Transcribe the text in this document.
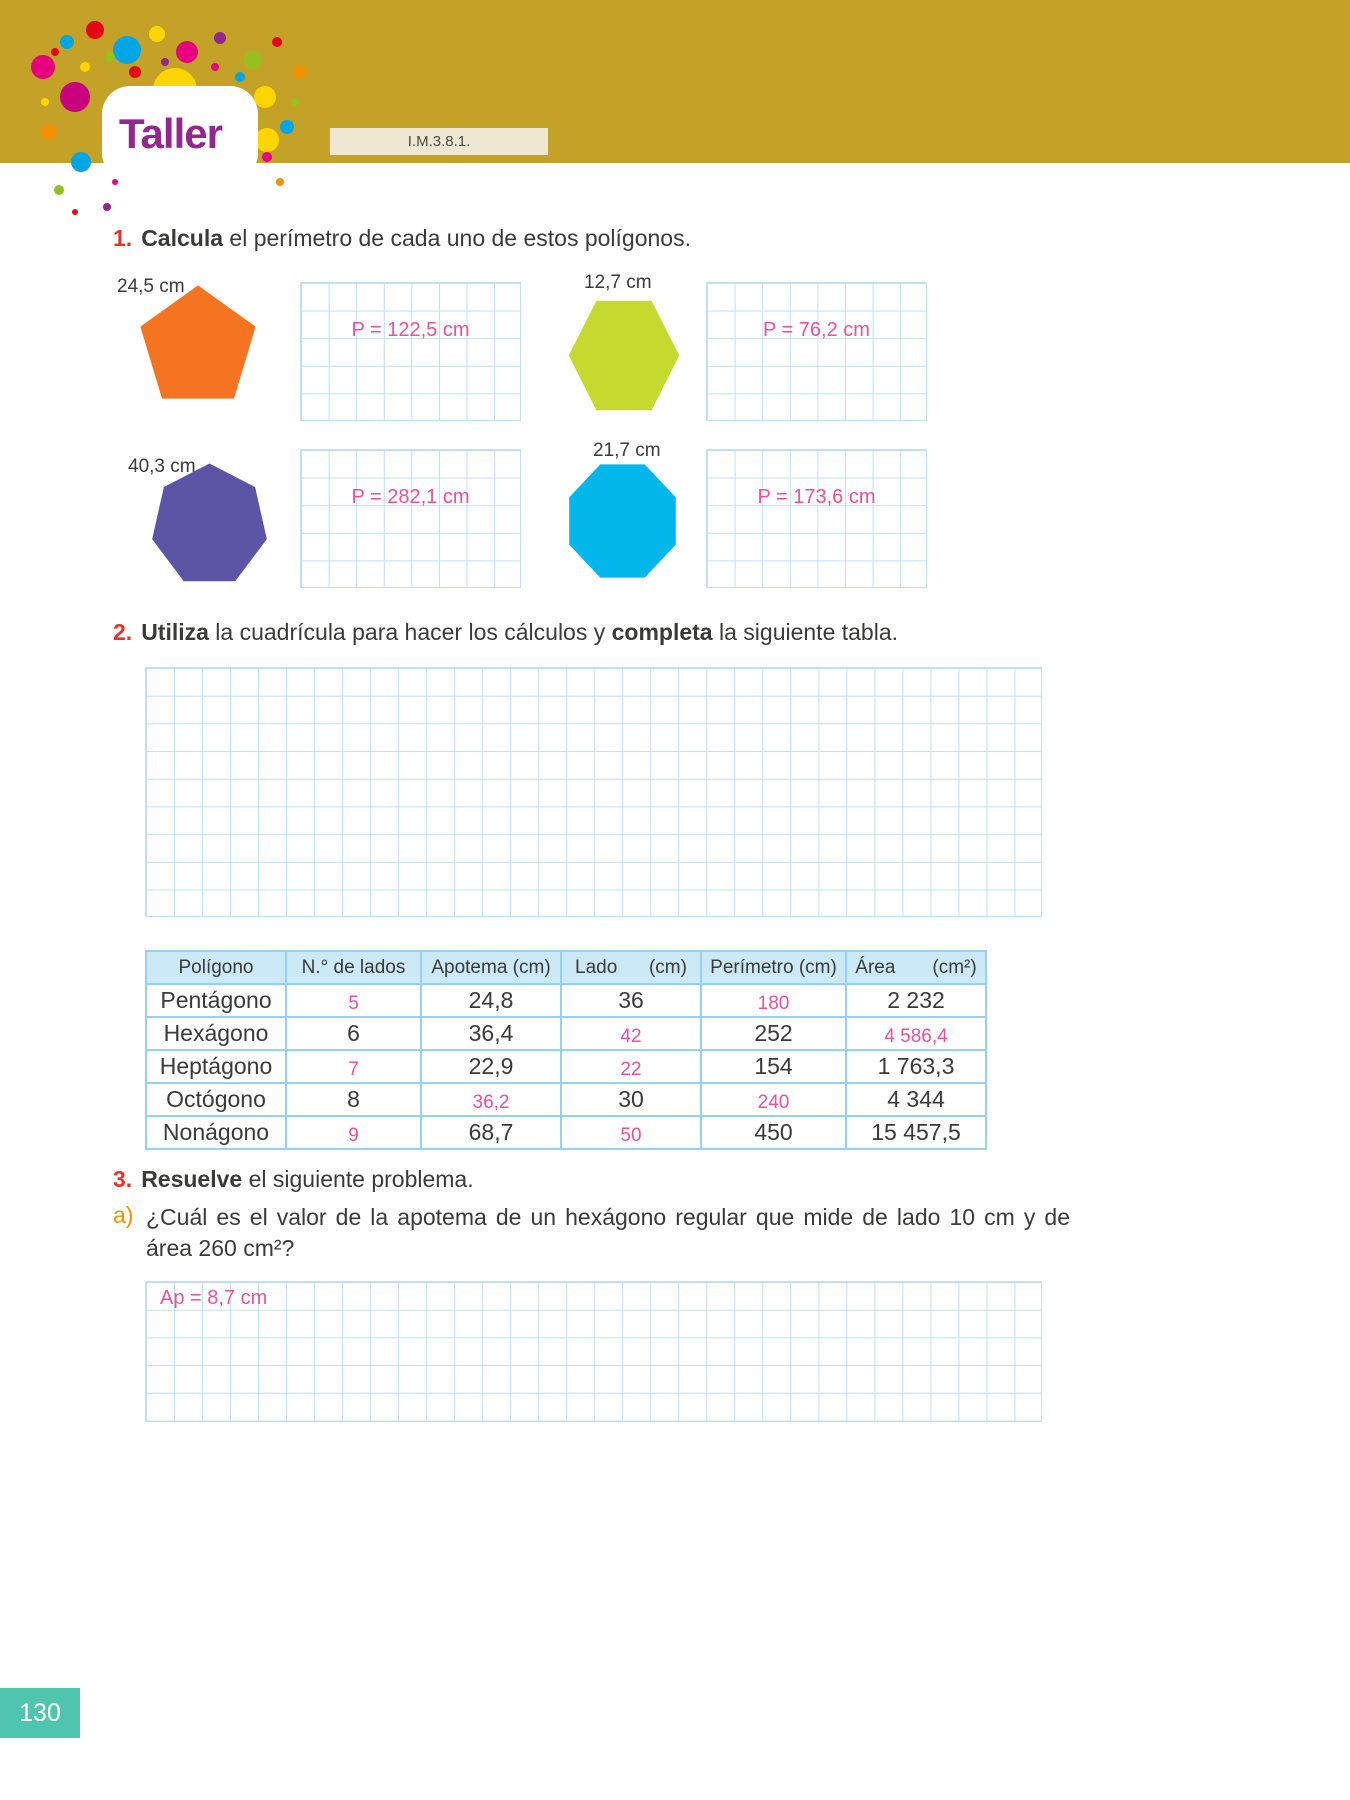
Taller	I.M.3.8.1.
1. Calcula el perímetro de cada uno de estos polígonos.
24,5 cm
P = 122,5 cm
12,7 cm
P = 76,2 cm
40,3 cm
P = 282,1 cm
21,7 cm
P = 173,6 cm
2. Utiliza la cuadrícula para hacer los cálculos y completa la siguiente tabla.
Polígono	N.° de lados	Apotema (cm)	Lado      (cm)	Perímetro (cm)	Área       (cm²)
Pentágono	5	24,8	36	180	2 232
Hexágono	6	36,4	42	252	4 586,4
Heptágono	7	22,9	22	154	1 763,3
Octógono	8	36,2	30	240	4 344
Nonágono	9	68,7	50	450	15 457,5
3. Resuelve el siguiente problema.
a) ¿Cuál es el valor de la apotema de un hexágono regular que mide de lado 10 cm y de área 260 cm²?
Ap = 8,7 cm
130
